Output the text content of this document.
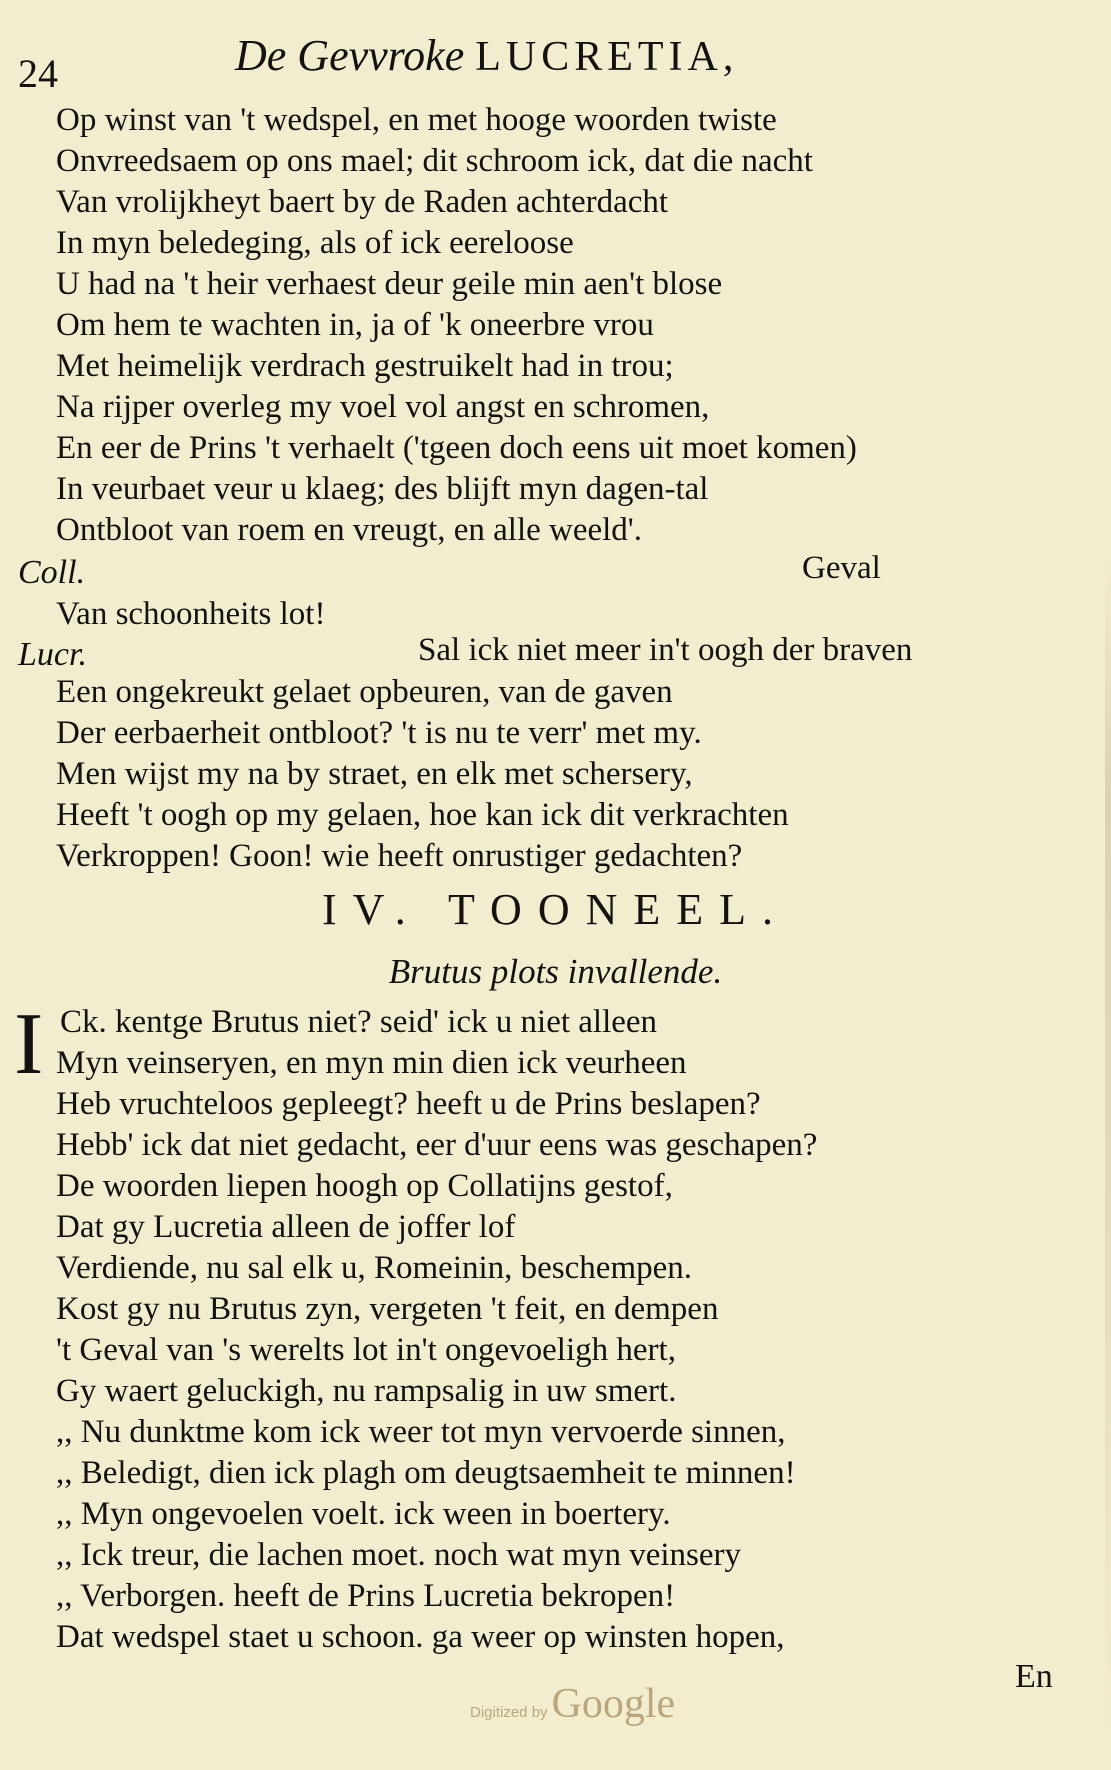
24	De Gevvroke LUCRETIA,
Op winst van 't wedspel, en met hooge woorden twiste
Onvreedsaem op ons mael; dit schroom ick, dat die nacht
Van vrolijkheyt baert by de Raden achterdacht
In myn beledeging, als of ick eereloose
U had na 't heir verhaest deur geile min aen't blose
Om hem te wachten in, ja of 'k oneerbre vrou
Met heimelijk verdrach gestruikelt had in trou;
Na rijper overleg my voel vol angst en schromen,
En eer de Prins 't verhaelt ('tgeen doch eens uit moet komen)
In veurbaet veur u klaeg; des blijft myn dagen-tal
Ontbloot van roem en vreugt, en alle weeld'.
Coll.	Geval
Van schoonheits lot!
Lucr.	Sal ick niet meer in't oogh der braven
Een ongekreukt gelaet opbeuren, van de gaven
Der eerbaerheit ontbloot? 't is nu te verr' met my.
Men wijst my na by straet, en elk met schersery,
Heeft 't oogh op my gelaen, hoe kan ick dit verkrachten
Verkroppen! Goon! wie heeft onrustiger gedachten?
IV. TOONEEL.
Brutus plots invallende.
I Ck. kentge Brutus niet? seid' ick u niet alleen
Myn veinseryen, en myn min dien ick veurheen
Heb vruchteloos gepleegt? heeft u de Prins beslapen?
Hebb' ick dat niet gedacht, eer d'uur eens was geschapen?
De woorden liepen hoogh op Collatijns gestof,
Dat gy Lucretia alleen de joffer lof
Verdiende, nu sal elk u, Romeinin, beschempen.
Kost gy nu Brutus zyn, vergeten 't feit, en dempen
't Geval van 's werelts lot in't ongevoeligh hert,
Gy waert geluckigh, nu rampsalig in uw smert.
,, Nu dunktme kom ick weer tot myn vervoerde sinnen,
,, Beledigt, dien ick plagh om deugtsaemheit te minnen!
,, Myn ongevoelen voelt. ick ween in boertery.
,, Ick treur, die lachen moet. noch wat myn veinsery
,, Verborgen. heeft de Prins Lucretia bekropen!
Dat wedspel staet u schoon. ga weer op winsten hopen,
En
Digitized by Google
